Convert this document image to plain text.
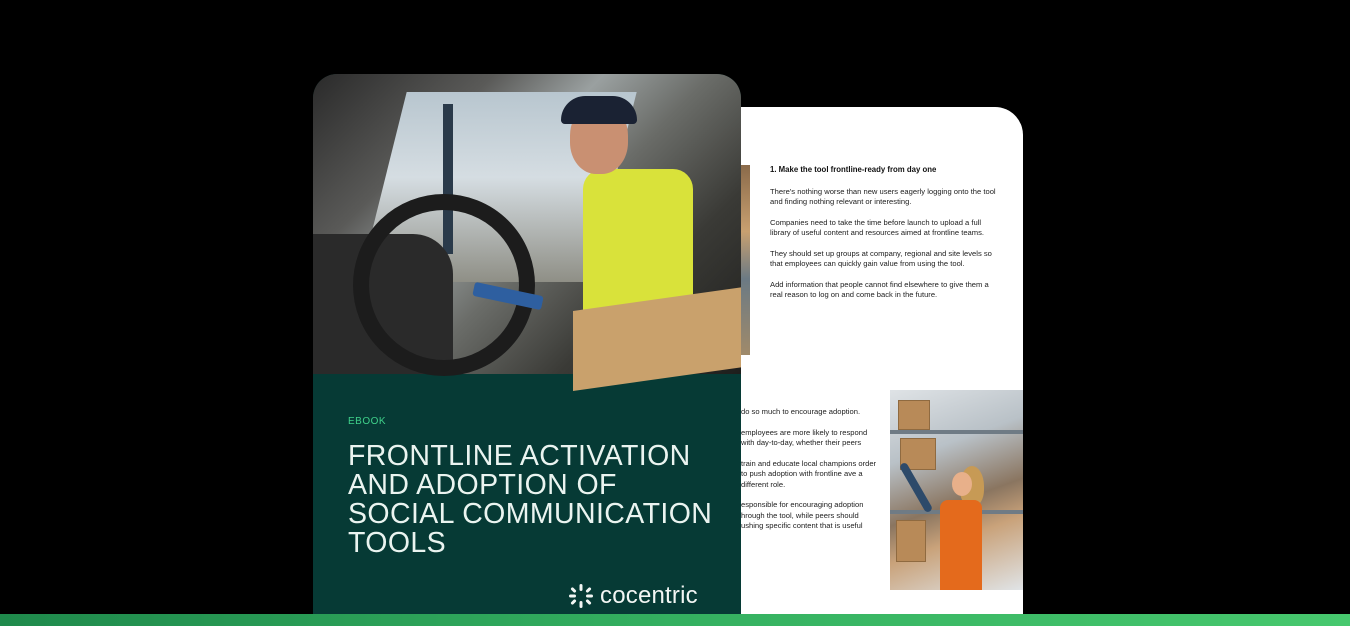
1. Make the tool frontline-ready from day one

There's nothing worse than new users eagerly logging onto the tool and finding nothing relevant or interesting.

Companies need to take the time before launch to upload a full library of useful content and resources aimed at frontline teams.

They should set up groups at company, regional and site levels so that employees can quickly gain value from using the tool.

Add information that people cannot find elsewhere to give them a real reason to log on and come back in the future.

do so much to encourage adoption.

employees are more likely to respond with day-to-day, whether their peers

train and educate local champions order to push adoption with frontline ave a different role.

esponsible for encouraging adoption hrough the tool, while peers should ushing specific content that is useful

EBOOK
FRONTLINE ACTIVATION AND ADOPTION OF SOCIAL COMMUNICATION TOOLS
cocentric
